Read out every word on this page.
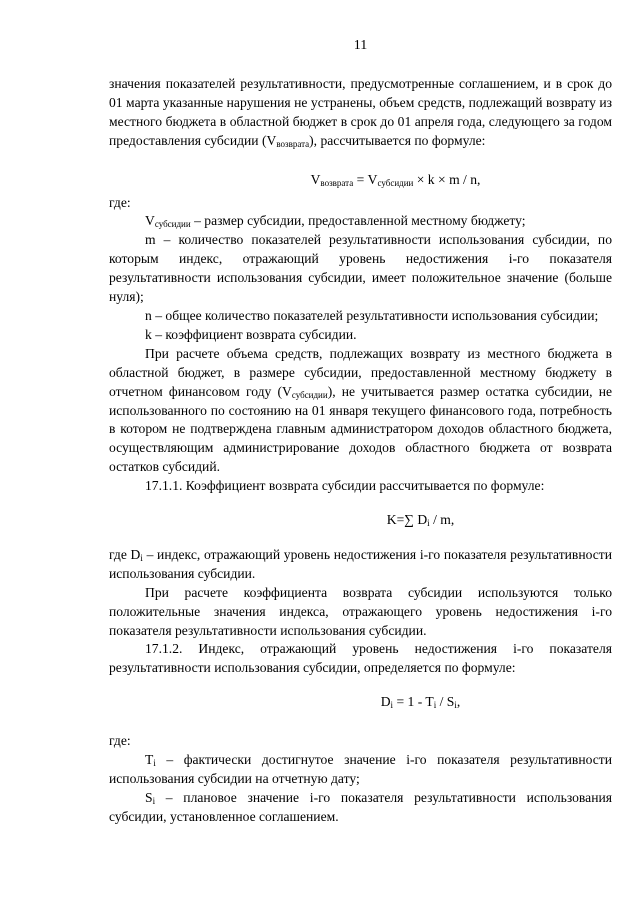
11

значения показателей результативности, предусмотренные соглашением, и в срок до 01 марта указанные нарушения не устранены, объем средств, подлежащий возврату из местного бюджета в областной бюджет в срок до 01 апреля года, следующего за годом предоставления субсидии $(V_{возврата})$, рассчитывается по формуле:

$V_{возврата} = V_{субсидии} \times k \times m / n$,

где:

$V_{субсидии}$ – размер субсидии, предоставленной местному бюджету;

m – количество показателей результативности использования субсидии, по которым индекс, отражающий уровень недостижения i-го показателя результативности использования субсидии, имеет положительное значение (больше нуля);

n – общее количество показателей результативности использования субсидии;

k – коэффициент возврата субсидии.

При расчете объема средств, подлежащих возврату из местного бюджета в областной бюджет, в размере субсидии, предоставленной местному бюджету в отчетном финансовом году $(V_{субсидии})$, не учитывается размер остатка субсидии, не использованного по состоянию на 01 января текущего финансового года, потребность в котором не подтверждена главным администратором доходов областного бюджета, осуществляющим администрирование доходов областного бюджета от возврата остатков субсидий.

17.1.1. Коэффициент возврата субсидии рассчитывается по формуле:

K=∑ $D_i$ / m,

где $D_i$ – индекс, отражающий уровень недостижения i-го показателя результативности использования субсидии.

При расчете коэффициента возврата субсидии используются только положительные значения индекса, отражающего уровень недостижения i-го показателя результативности использования субсидии.

17.1.2. Индекс, отражающий уровень недостижения i-го показателя результативности использования субсидии, определяется по формуле:

$D_i = 1 - T_i / S_i$,

где:

$T_i$ – фактически достигнутое значение i-го показателя результативности использования субсидии на отчетную дату;

$S_i$ – плановое значение i-го показателя результативности использования субсидии, установленное соглашением.
